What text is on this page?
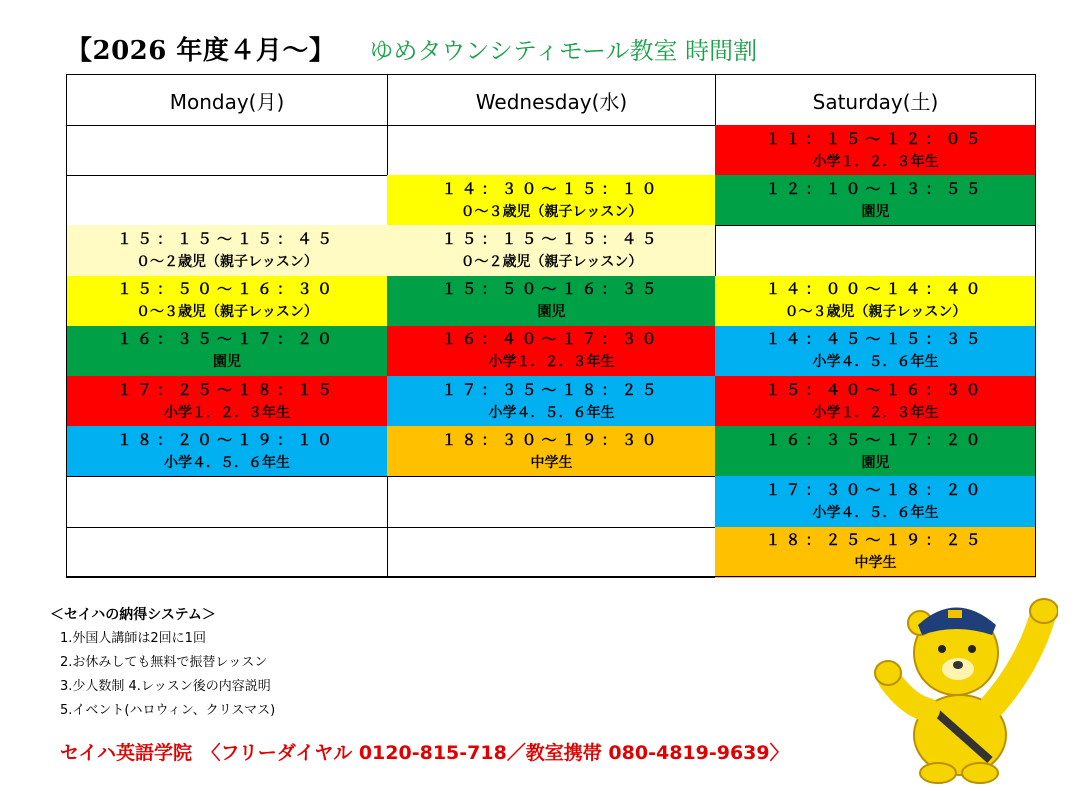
【2026 年度４月～】 ゆめタウンシティモール教室 時間割
Monday(月)	Wednesday(水)	Saturday(土)
１５：１５～１５：４５
０～２歳児（親子レッスン）
１５：５０～１６：３０
０～３歳児（親子レッスン）
１６：３５～１７：２０
園児
１７：２５～１８：１５
小学１．２．３年生
１８：２０～１９：１０
小学４．５．６年生
１４：３０～１５：１０
０～３歳児（親子レッスン）
１５：１５～１５：４５
０～２歳児（親子レッスン）
１５：５０～１６：３５
園児
１６：４０～１７：３０
小学１．２．３年生
１７：３５～１８：２５
小学４．５．６年生
１８：３０～１９：３０
中学生
１１：１５～１２：０５
小学１．２．３年生
１２：１０～１３：５５
園児
１４：００～１４：４０
０～３歳児（親子レッスン）
１４：４５～１５：３５
小学４．５．６年生
１５：４０～１６：３０
小学１．２．３年生
１６：３５～１７：２０
園児
１７：３０～１８：２０
小学４．５．６年生
１８：２５～１９：２５
中学生
＜セイハの納得システム＞
1.外国人講師は2回に1回
2.お休みしても無料で振替レッスン
3.少人数制 4.レッスン後の内容説明
5.イベント(ハロウィン、クリスマス)
セイハ英語学院　〈フリーダイヤル 0120-815-718／教室携帯 080-4819-9639〉
